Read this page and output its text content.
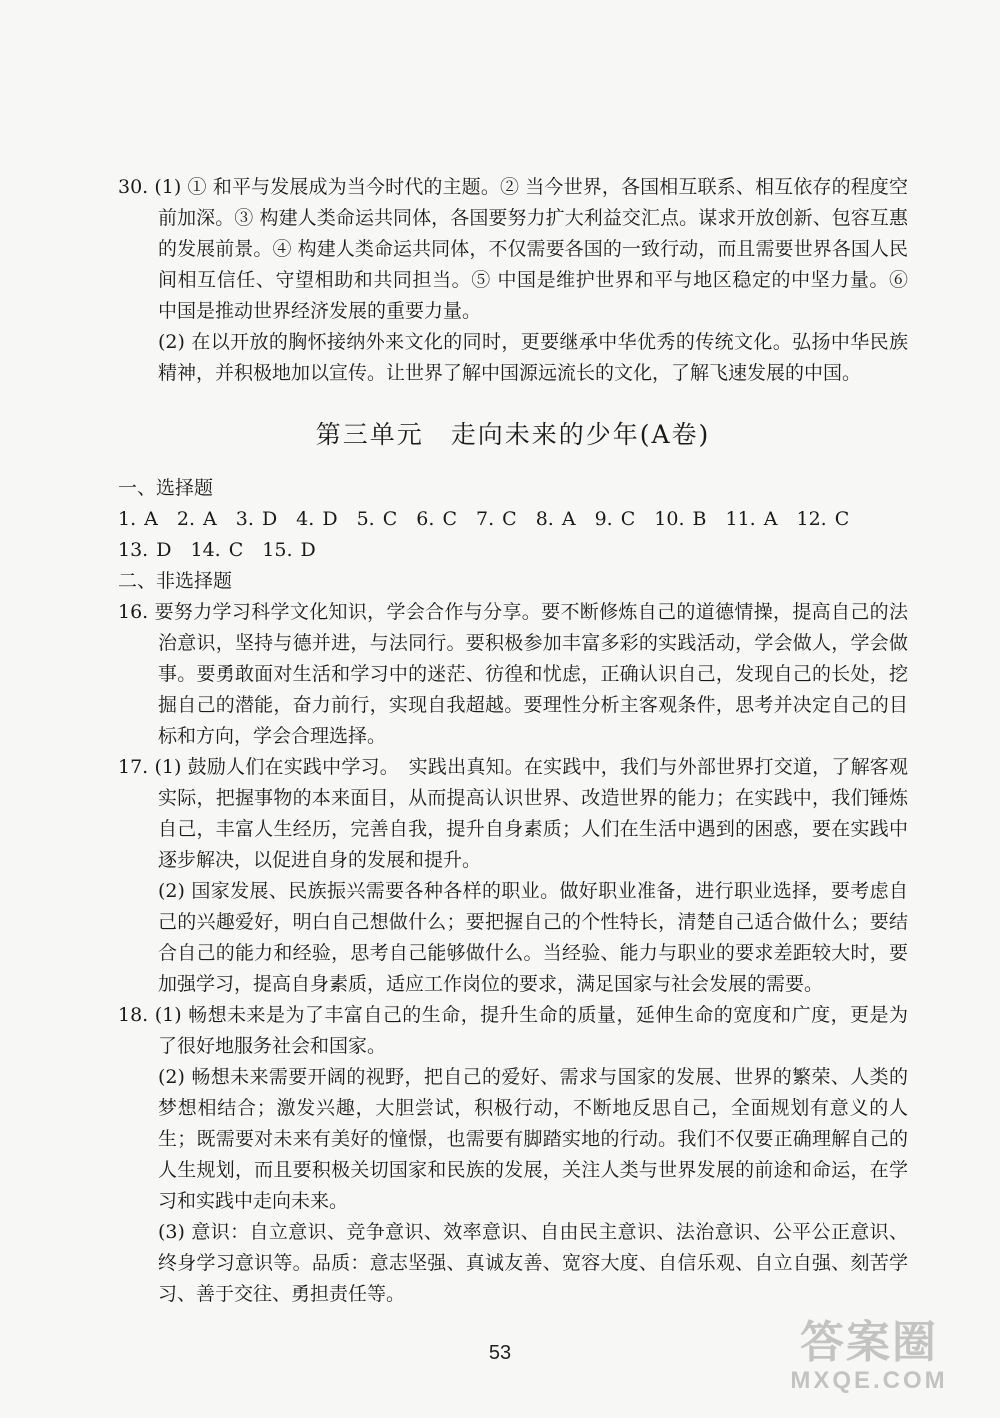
30. (1) ① 和平与发展成为当今时代的主题。② 当今世界，各国相互联系、相互依存的程度空前加深。③ 构建人类命运共同体，各国要努力扩大利益交汇点。谋求开放创新、包容互惠的发展前景。④ 构建人类命运共同体，不仅需要各国的一致行动，而且需要世界各国人民间相互信任、守望相助和共同担当。⑤ 中国是维护世界和平与地区稳定的中坚力量。⑥ 中国是推动世界经济发展的重要力量。

(2) 在以开放的胸怀接纳外来文化的同时，更要继承中华优秀的传统文化。弘扬中华民族精神，并积极地加以宣传。让世界了解中国源远流长的文化，了解飞速发展的中国。

第三单元　走向未来的少年(A卷)

一、选择题

1. A　2. A　3. D　4. D　5. C　6. C　7. C　8. A　9. C　10. B　11. A　12. C

13. D　14. C　15. D

二、非选择题

16. 要努力学习科学文化知识，学会合作与分享。要不断修炼自己的道德情操，提高自己的法治意识，坚持与德并进，与法同行。要积极参加丰富多彩的实践活动，学会做人，学会做事。要勇敢面对生活和学习中的迷茫、彷徨和忧虑，正确认识自己，发现自己的长处，挖掘自己的潜能，奋力前行，实现自我超越。要理性分析主客观条件，思考并决定自己的目标和方向，学会合理选择。

17. (1) 鼓励人们在实践中学习。　实践出真知。在实践中，我们与外部世界打交道，了解客观实际，把握事物的本来面目，从而提高认识世界、改造世界的能力；在实践中，我们锤炼自己，丰富人生经历，完善自我，提升自身素质；人们在生活中遇到的困惑，要在实践中逐步解决，以促进自身的发展和提升。

(2) 国家发展、民族振兴需要各种各样的职业。做好职业准备，进行职业选择，要考虑自己的兴趣爱好，明白自己想做什么；要把握自己的个性特长，清楚自己适合做什么；要结合自己的能力和经验，思考自己能够做什么。当经验、能力与职业的要求差距较大时，要加强学习，提高自身素质，适应工作岗位的要求，满足国家与社会发展的需要。

18. (1) 畅想未来是为了丰富自己的生命，提升生命的质量，延伸生命的宽度和广度，更是为了很好地服务社会和国家。

(2) 畅想未来需要开阔的视野，把自己的爱好、需求与国家的发展、世界的繁荣、人类的梦想相结合；激发兴趣，大胆尝试，积极行动，不断地反思自己，全面规划有意义的人生；既需要对未来有美好的憧憬，也需要有脚踏实地的行动。我们不仅要正确理解自己的人生规划，而且要积极关切国家和民族的发展，关注人类与世界发展的前途和命运，在学习和实践中走向未来。

(3) 意识：自立意识、竞争意识、效率意识、自由民主意识、法治意识、公平公正意识、终身学习意识等。品质：意志坚强、真诚友善、宽容大度、自信乐观、自立自强、刻苦学习、善于交往、勇担责任等。

53	答案圈
MXQE.COM
